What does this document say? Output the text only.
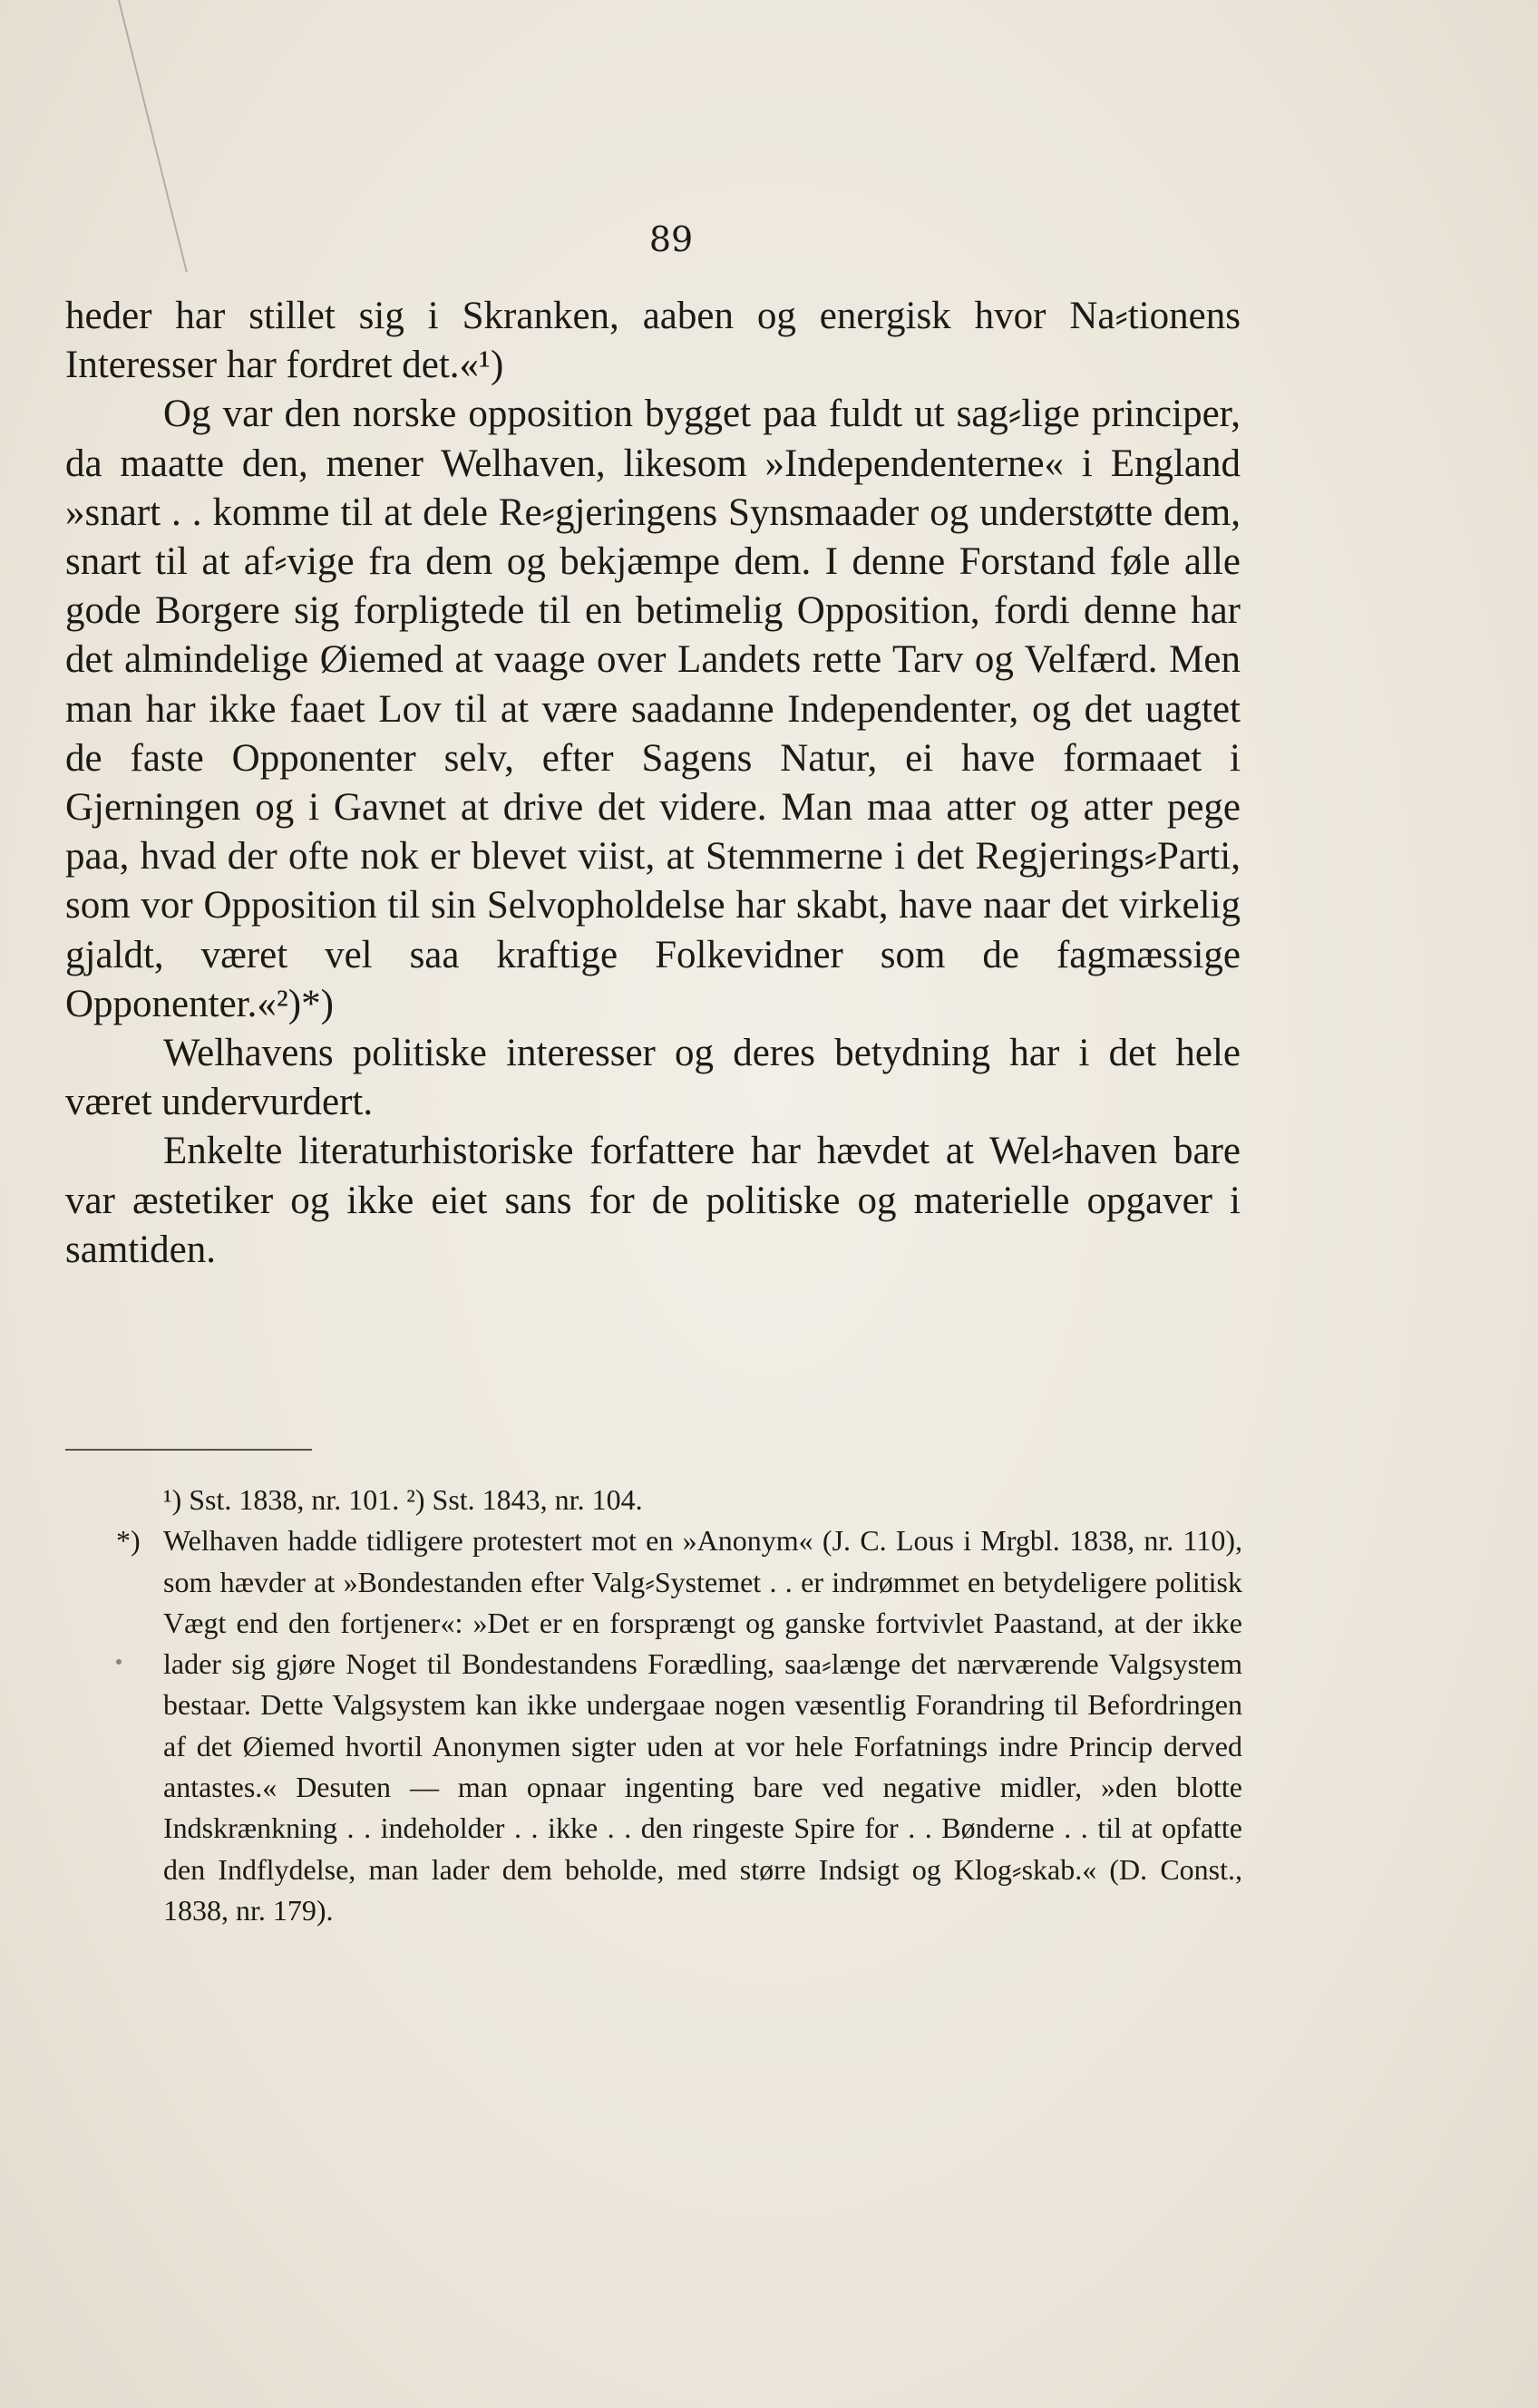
89

heder har stillet sig i Skranken, aaben og energisk hvor Na⸗tionens Interesser har fordret det.«¹)

Og var den norske opposition bygget paa fuldt ut sag⸗lige principer, da maatte den, mener Welhaven, likesom »Independenterne« i England »snart . . komme til at dele Re⸗gjeringens Synsmaader og understøtte dem, snart til at af⸗vige fra dem og bekjæmpe dem. I denne Forstand føle alle gode Borgere sig forpligtede til en betimelig Opposition, fordi denne har det almindelige Øiemed at vaage over Landets rette Tarv og Velfærd. Men man har ikke faaet Lov til at være saadanne Independenter, og det uagtet de faste Opponenter selv, efter Sagens Natur, ei have formaaet i Gjerningen og i Gavnet at drive det videre. Man maa atter og atter pege paa, hvad der ofte nok er blevet viist, at Stemmerne i det Regjerings⸗Parti, som vor Opposition til sin Selvopholdelse har skabt, have naar det virkelig gjaldt, været vel saa kraftige Folkevidner som de fagmæssige Opponenter.«²)*)

Welhavens politiske interesser og deres betydning har i det hele været undervurdert.

Enkelte literaturhistoriske forfattere har hævdet at Wel⸗haven bare var æstetiker og ikke eiet sans for de politiske og materielle opgaver i samtiden.

¹) Sst. 1838, nr. 101. ²) Sst. 1843, nr. 104.

*) Welhaven hadde tidligere protestert mot en »Anonym« (J. C. Lous i Mrgbl. 1838, nr. 110), som hævder at »Bondestanden efter Valg⸗Systemet . . er indrømmet en betydeligere politisk Vægt end den fortjener«: »Det er en forsprængt og ganske fortvivlet Paastand, at der ikke lader sig gjøre Noget til Bondestandens Forædling, saa⸗længe det nærværende Valgsystem bestaar. Dette Valgsystem kan ikke undergaae nogen væsentlig Forandring til Befordringen af det Øiemed hvortil Anonymen sigter uden at vor hele Forfatnings indre Princip derved antastes.« Desuten — man opnaar ingenting bare ved negative midler, »den blotte Indskrænkning . . indeholder . . ikke . . den ringeste Spire for . . Bønderne . . til at opfatte den Indflydelse, man lader dem beholde, med større Indsigt og Klog⸗skab.« (D. Const., 1838, nr. 179).
